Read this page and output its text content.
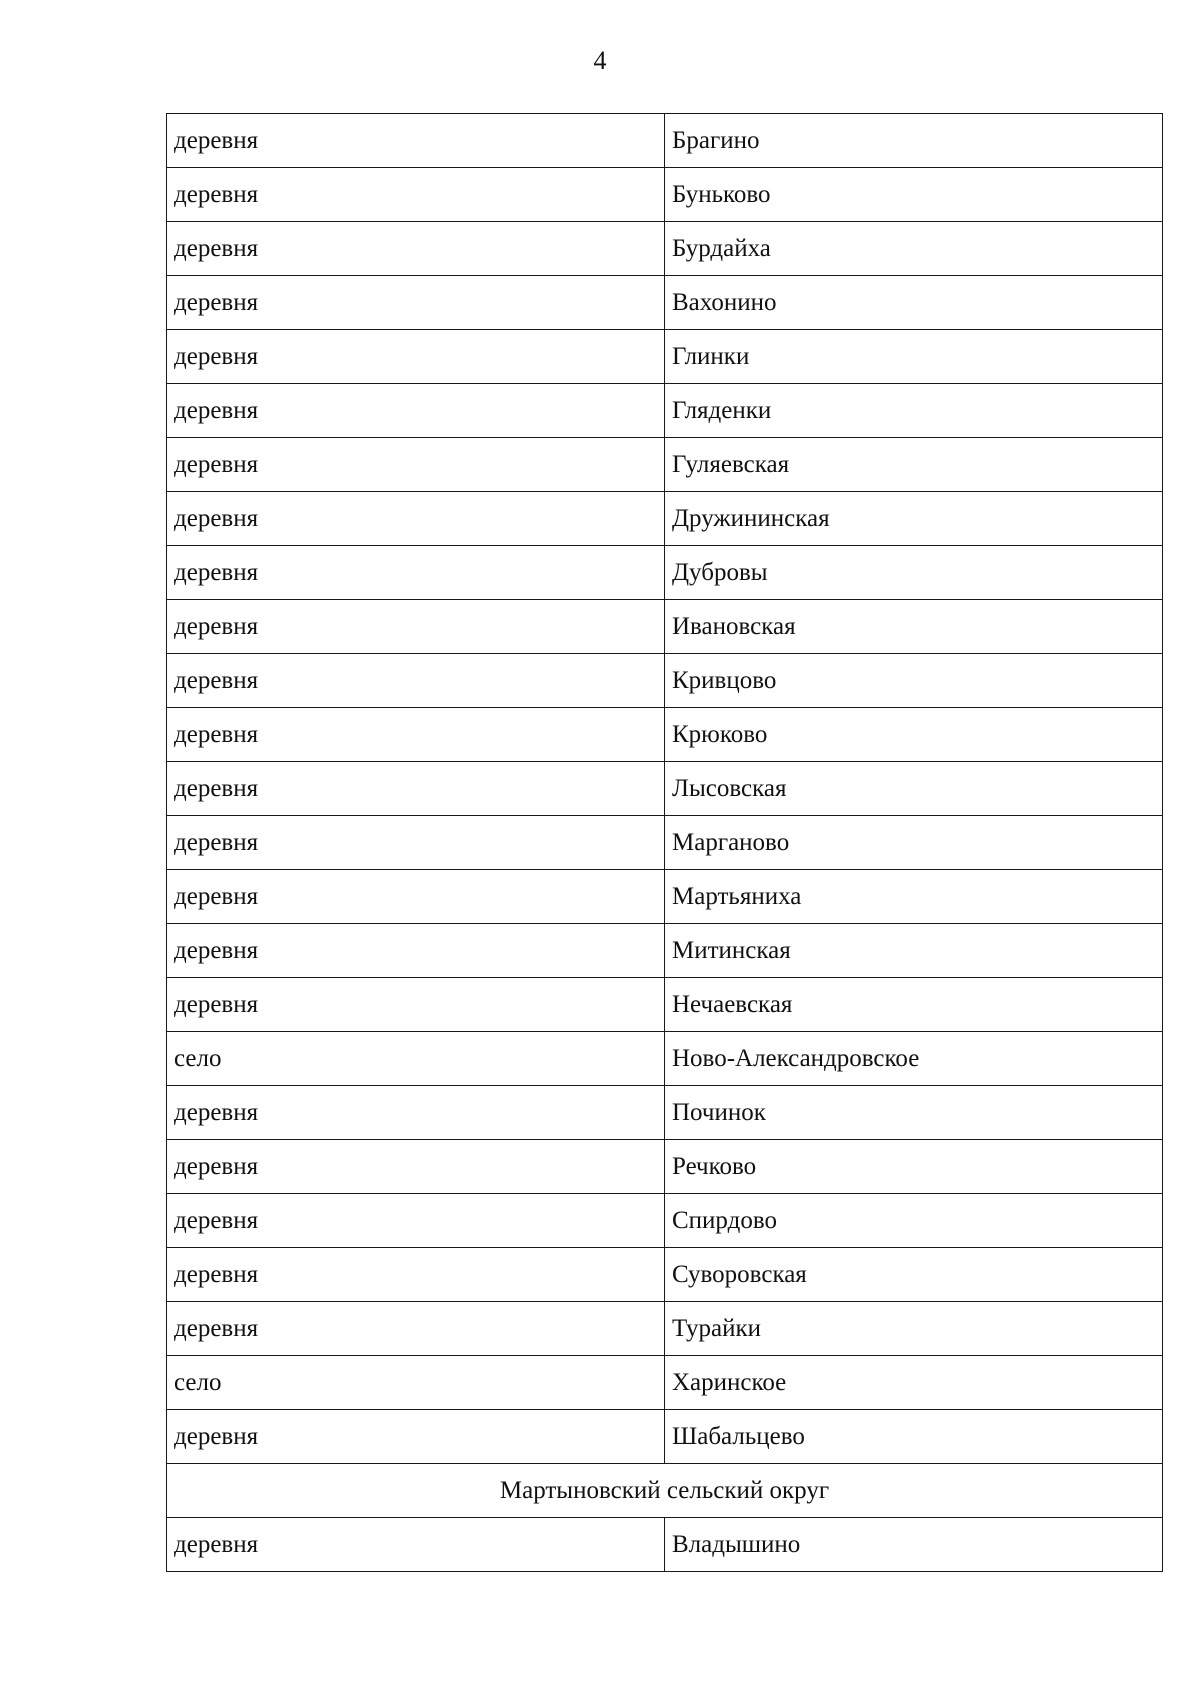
4
деревня	Брагино
деревня	Буньково
деревня	Бурдайха
деревня	Вахонино
деревня	Глинки
деревня	Гляденки
деревня	Гуляевская
деревня	Дружининская
деревня	Дубровы
деревня	Ивановская
деревня	Кривцово
деревня	Крюково
деревня	Лысовская
деревня	Марганово
деревня	Мартьяниха
деревня	Митинская
деревня	Нечаевская
село	Ново-Александровское
деревня	Починок
деревня	Речково
деревня	Спирдово
деревня	Суворовская
деревня	Турайки
село	Харинское
деревня	Шабальцево
Мартыновский сельский округ	
деревня	Владышино
